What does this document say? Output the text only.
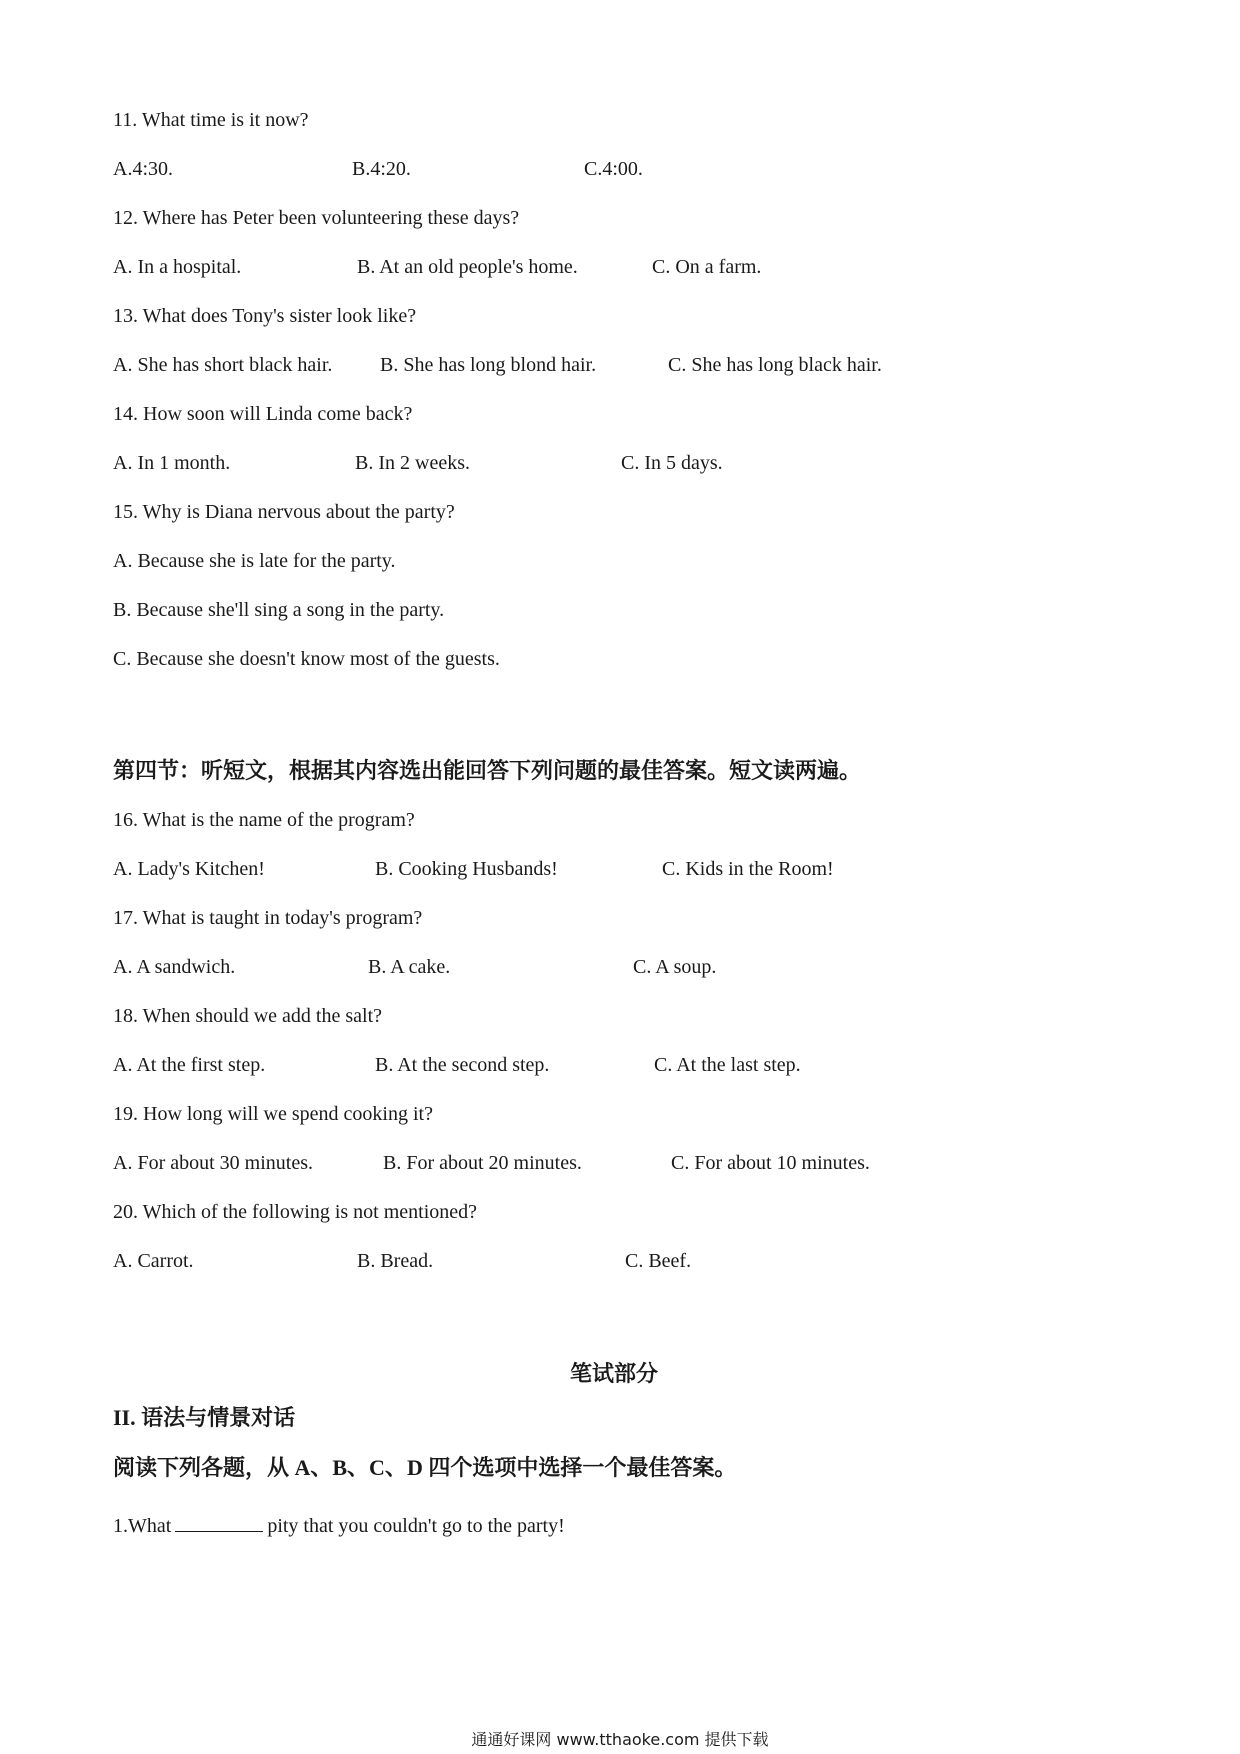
11. What time is it now?
A.4:30.	B.4:20.	C.4:00.
12. Where has Peter been volunteering these days?
A. In a hospital.	B. At an old people's home.	C. On a farm.
13. What does Tony's sister look like?
A. She has short black hair. B. She has long blond hair.	C. She has long black hair.
14. How soon will Linda come back?
A. In 1 month.	B. In 2 weeks.	C. In 5 days.
15. Why is Diana nervous about the party?
A. Because she is late for the party.
B. Because she'll sing a song in the party.
C. Because she doesn't know most of the guests.
第四节：听短文，根据其内容选出能回答下列问题的最佳答案。短文读两遍。
16. What is the name of the program?
A. Lady's Kitchen!	B. Cooking Husbands!	C. Kids in the Room!
17. What is taught in today's program?
A. A sandwich.	B. A cake.	C. A soup.
18. When should we add the salt?
A. At the first step.	B. At the second step.	C. At the last step.
19. How long will we spend cooking it?
A. For about 30 minutes.	B. For about 20 minutes.	C. For about 10 minutes.
20. Which of the following is not mentioned?
A. Carrot.	B. Bread.	C. Beef.
笔试部分
II. 语法与情景对话
阅读下列各题，从 A、B、C、D 四个选项中选择一个最佳答案。
1.What	pity that you couldn't go to the party!
通通好课网 www.tthaoke.com 提供下载
